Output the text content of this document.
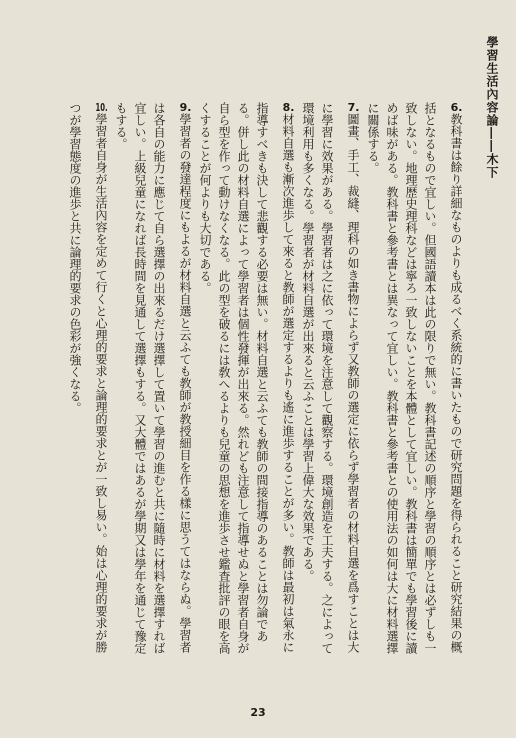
學習生活內容論――木下

6.教科書は餘り詳細なものよりも成るべく系統的に書いたもので研究問題を得られること研究結果の概括となるもので宜しい。但國語讀本は此の限りで無い。教科書記述の順序と學習の順序とは必ずしも一致しない。地理歴史理科などは寧ろ一致しないことを本體として宜しい。教科書は簡單でも學習後に讀めば味がある。教科書と參考書とは異なって宜しい。教科書と參考書との使用法の如何は大に材料選擇に關係する。

7.圖畫、手工、裁縫、理科の如き書物によらず又教師の選定に依らず學習者の材料自選を爲すことは大に學習に效果がある。學習者は之に依って環境を注意して觀察する。環境創造を工夫する。之によって環境利用も多くなる。學習者が材料自選が出來ると云ふことは學習上偉大な效果である。

8.材料自選も漸次進歩して來ると教師が選定するよりも遙に進歩することが多い。教師は最初は氣永に指導すべきも決して悲觀する必要は無い。材料自選と云ふても教師の間接指導のあることは勿論である。併し此の材料自選によって學習者は個性發揮が出來る。然れども注意して指導せぬと學習者自身が自ら型を作って動けなくなる。此の型を破るには敎へるよりも兒童の思想を進歩させ鑑査批評の眼を高くすることが何よりも大切である。

9.學習者の發達程度にもよるが材料自選と云ふても教師が教授細目を作る樣に思うてはならぬ。學習者は各自の能力に應じて自ら選擇の出來るだけ選擇して置いて學習の進むと共に隨時に材料を選擇すれば宜しい。上級兒童になれば長時間を見通して選擇もする。又大體ではあるが學期又は學年を通じて豫定もする。

10.學習者自身が生活內容を定めて行くと心理的要求と論理的要求とが一致し易い。始は心理的要求が勝つが學習態度の進歩と共に論理的要求の色彩が強くなる。

23
